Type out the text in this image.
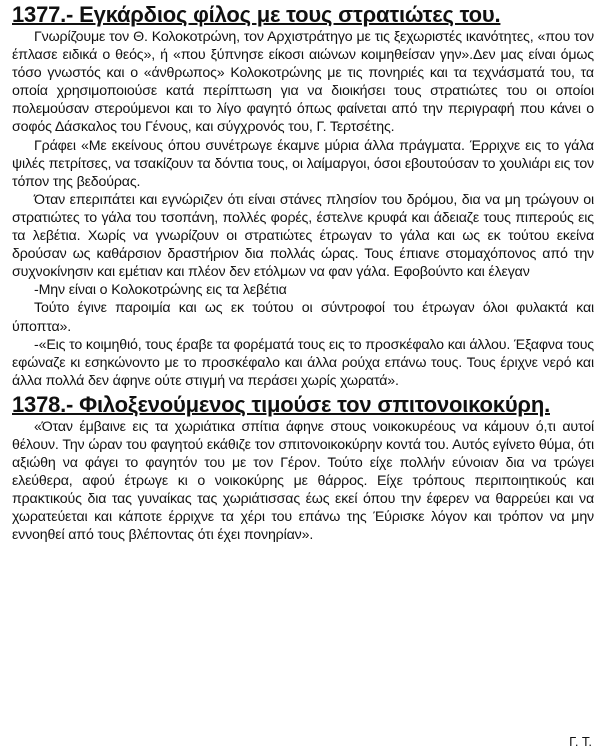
1377.- Εγκάρδιος φίλος με τους στρατιώτες του.

Γνωρίζουμε τον Θ. Κολοκοτρώνη, τον Αρχιστράτηγο με τις ξεχωριστές ικανότητες, «που τον έπλασε ειδικά ο θεός», ή «που ξύπνησε είκοσι αιώνων κοιμηθείσαν γην».Δεν μας είναι όμως τόσο γνωστός και ο «άνθρωπος» Κολοκοτρώνης με τις πονηριές και τα τεχνάσματά του, τα οποία χρησιμοποιούσε κατά περίπτωση για να διοικήσει τους στρατιώτες του οι οποίοι πολεμούσαν στερούμενοι και το λίγο φαγητό όπως φαίνεται από την περιγραφή που κάνει ο σοφός Δάσκαλος του Γένους, και σύγχρονός του, Γ. Τερτσέτης.

Γράφει «Με εκείνους όπου συνέτρωγε έκαμνε μύρια άλλα πράγματα. Έρριχνε εις το γάλα ψιλές πετρίτσες, να τσακίζουν τα δόντια τους, οι λαίμαργοι, όσοι εβουτούσαν το χουλιάρι εις τον τόπον της βεδούρας.

Όταν επεριπάτει και εγνώριζεν ότι είναι στάνες πλησίον του δρόμου, δια να μη τρώγουν οι στρατιώτες το γάλα του τσοπάνη, πολλές φορές, έστελνε κρυφά και άδειαζε τους πιπερούς εις τα λεβέτια. Χωρίς να γνωρίζουν οι στρατιώτες έτρωγαν το γάλα και ως εκ τούτου εκείνα δρούσαν ως καθάρσιον δραστήριον δια πολλάς ώρας. Τους έπιανε στομαχόπονος από την συχνοκίνησιν και εμέτιαν και πλέον δεν ετόλμων να φαν γάλα. Εφοβούντο και έλεγαν

-Μην είναι ο Κολοκοτρώνης εις τα λεβέτια

Τούτο έγινε παροιμία και ως εκ τούτου οι σύντροφοί του έτρωγαν όλοι φυλακτά και ύποπτα».

-«Εις το κοιμηθιό, τους έραβε τα φορέματά τους εις το προσκέφαλο και άλλου. Έξαφνα τους εφώναζε κι εσηκώνοντο με το προσκέφαλο και άλλα ρούχα επάνω τους. Τους έριχνε νερό και άλλα πολλά δεν άφηνε ούτε στιγμή να περάσει χωρίς χωρατά».

1378.- Φιλοξενούμενος τιμούσε τον σπιτονοικοκύρη.

«Όταν έμβαινε εις τα χωριάτικα σπίτια άφηνε στους νοικοκυρέους να κάμουν ό,τι αυτοί θέλουν. Την ώραν του φαγητού εκάθιζε τον σπιτονοικοκύρην κοντά του. Αυτός εγίνετο θύμα, ότι αξιώθη να φάγει το φαγητόν του με τον Γέρον. Τούτο είχε πολλήν εύνοιαν δια να τρώγει ελεύθερα, αφού έτρωγε κι ο νοικοκύρης με θάρρος. Είχε τρόπους περιποιητικούς και πρακτικούς δια τας γυναίκας τας χωριάτισσας έως εκεί όπου την έφερεν να θαρρεύει και να χωρατεύεται και κάποτε έρριχνε τα χέρι του επάνω της Έύρισκε λόγον και τρόπον να μην εννοηθεί από τους βλέποντας ότι έχει πονηρίαν».

Γ. Τ.
